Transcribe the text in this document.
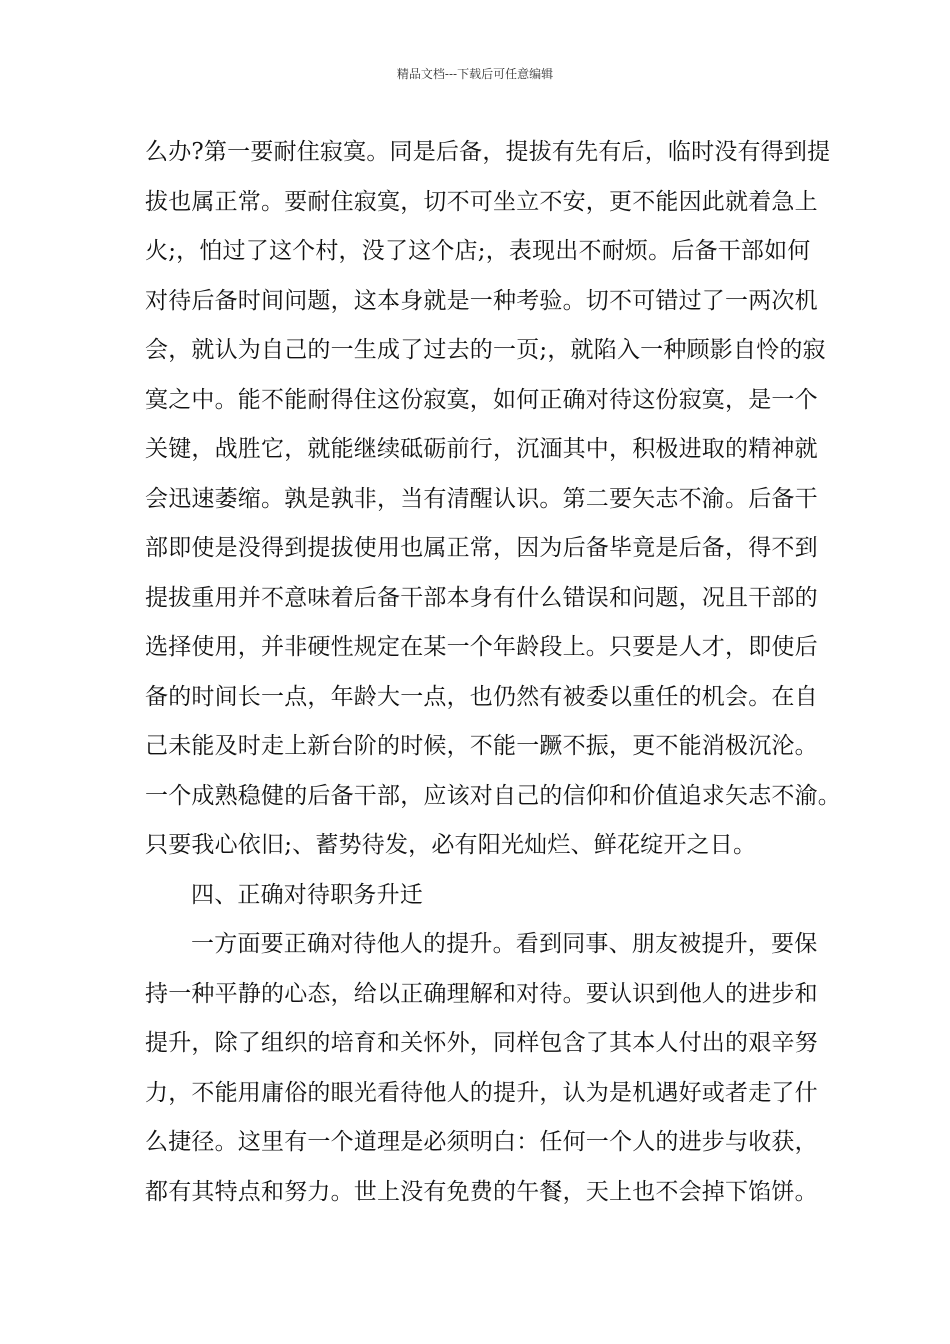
精品文档---下载后可任意编辑
么办?第一要耐住寂寞。同是后备，提拔有先有后，临时没有得到提
拔也属正常。要耐住寂寞，切不可坐立不安，更不能因此就着急上
火;，怕过了这个村，没了这个店;，表现出不耐烦。后备干部如何
对待后备时间问题，这本身就是一种考验。切不可错过了一两次机
会，就认为自己的一生成了过去的一页;，就陷入一种顾影自怜的寂
寞之中。能不能耐得住这份寂寞，如何正确对待这份寂寞，是一个
关键，战胜它，就能继续砥砺前行，沉湎其中，积极进取的精神就
会迅速萎缩。孰是孰非，当有清醒认识。第二要矢志不渝。后备干
部即使是没得到提拔使用也属正常，因为后备毕竟是后备，得不到
提拔重用并不意味着后备干部本身有什么错误和问题，况且干部的
选择使用，并非硬性规定在某一个年龄段上。只要是人才，即使后
备的时间长一点，年龄大一点，也仍然有被委以重任的机会。在自
己未能及时走上新台阶的时候，不能一蹶不振，更不能消极沉沦。
一个成熟稳健的后备干部，应该对自己的信仰和价值追求矢志不渝。
只要我心依旧;、蓄势待发，必有阳光灿烂、鲜花绽开之日。
四、正确对待职务升迁
一方面要正确对待他人的提升。看到同事、朋友被提升，要保
持一种平静的心态，给以正确理解和对待。要认识到他人的进步和
提升，除了组织的培育和关怀外，同样包含了其本人付出的艰辛努
力，不能用庸俗的眼光看待他人的提升，认为是机遇好或者走了什
么捷径。这里有一个道理是必须明白：任何一个人的进步与收获，
都有其特点和努力。世上没有免费的午餐，天上也不会掉下馅饼。
